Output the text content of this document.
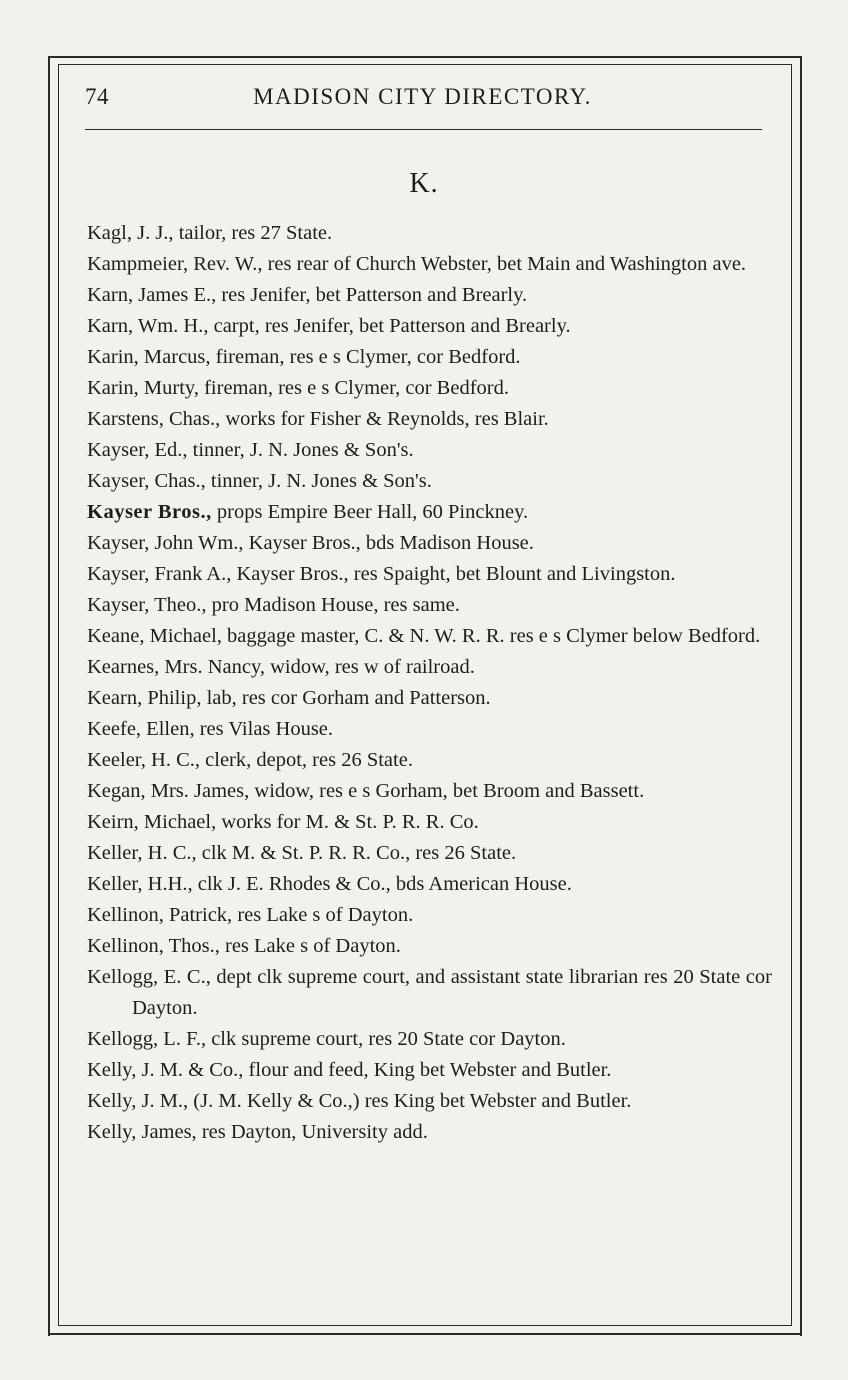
74	MADISON CITY DIRECTORY.
K.
Kagl, J. J., tailor, res 27 State.
Kampmeier, Rev. W., res rear of Church Webster, bet Main and Washington ave.
Karn, James E., res Jenifer, bet Patterson and Brearly.
Karn, Wm. H., carpt, res Jenifer, bet Patterson and Brearly.
Karin, Marcus, fireman, res e s Clymer, cor Bedford.
Karin, Murty, fireman, res e s Clymer, cor Bedford.
Karstens, Chas., works for Fisher & Reynolds, res Blair.
Kayser, Ed., tinner, J. N. Jones & Son's.
Kayser, Chas., tinner, J. N. Jones & Son's.
Kayser Bros., props Empire Beer Hall, 60 Pinckney.
Kayser, John Wm., Kayser Bros., bds Madison House.
Kayser, Frank A., Kayser Bros., res Spaight, bet Blount and Livingston.
Kayser, Theo., pro Madison House, res same.
Keane, Michael, baggage master, C. & N. W. R. R. res e s Clymer below Bedford.
Kearnes, Mrs. Nancy, widow, res w of railroad.
Kearn, Philip, lab, res cor Gorham and Patterson.
Keefe, Ellen, res Vilas House.
Keeler, H. C., clerk, depot, res 26 State.
Kegan, Mrs. James, widow, res e s Gorham, bet Broom and Bassett.
Keirn, Michael, works for M. & St. P. R. R. Co.
Keller, H. C., clk M. & St. P. R. R. Co., res 26 State.
Keller, H.H., clk J. E. Rhodes & Co., bds American House.
Kellinon, Patrick, res Lake s of Dayton.
Kellinon, Thos., res Lake s of Dayton.
Kellogg, E. C., dept clk supreme court, and assistant state librarian res 20 State cor Dayton.
Kellogg, L. F., clk supreme court, res 20 State cor Dayton.
Kelly, J. M. & Co., flour and feed, King bet Webster and Butler.
Kelly, J. M., (J. M. Kelly & Co.,) res King bet Webster and Butler.
Kelly, James, res Dayton, University add.
